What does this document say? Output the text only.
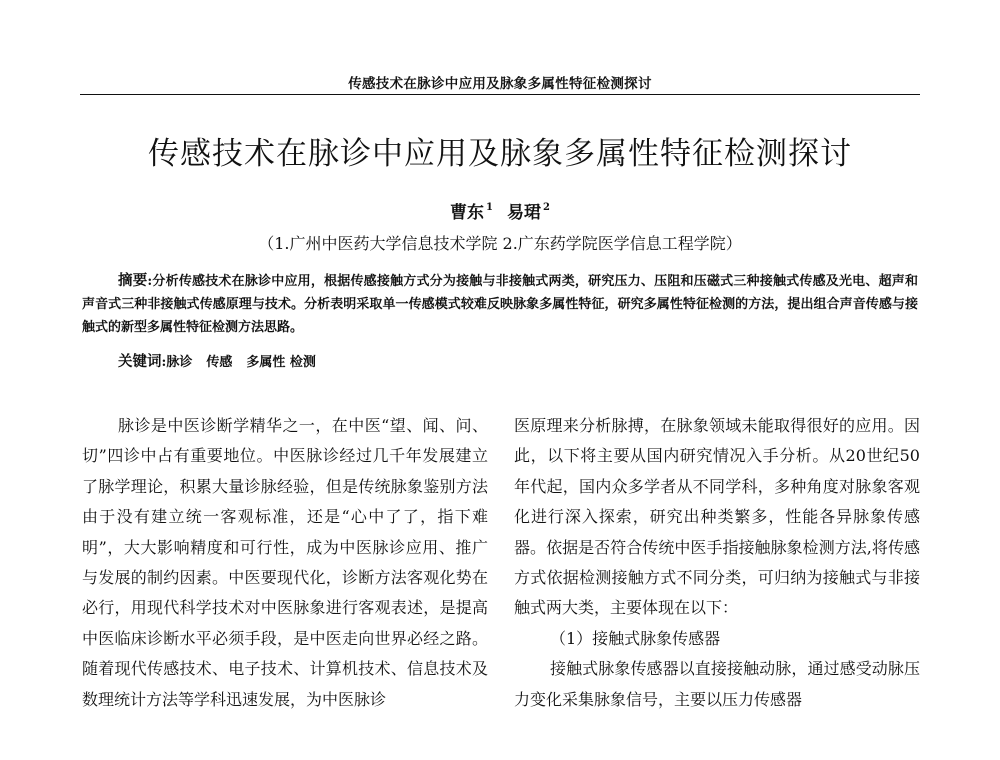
传感技术在脉诊中应用及脉象多属性特征检测探讨
传感技术在脉诊中应用及脉象多属性特征检测探讨
曹东 $^1$ 易珺 $^2$
（1.广州中医药大学信息技术学院 2.广东药学院医学信息工程学院）

摘要:分析传感技术在脉诊中应用，根据传感接触方式分为接触与非接触式两类，研究压力、压阻和压磁式三种接触式传感及光电、超声和声音式三种非接触式传感原理与技术。分析表明采取单一传感模式较难反映脉象多属性特征，研究多属性特征检测的方法，提出组合声音传感与接触式的新型多属性特征检测方法思路。

关键词:脉诊 传感 多属性 检测

脉诊是中医诊断学精华之一，在中医“望、闻、问、切”四诊中占有重要地位。中医脉诊经过几千年发展建立了脉学理论，积累大量诊脉经验，但是传统脉象鉴别方法由于没有建立统一客观标准，还是“心中了了，指下难明”，大大影响精度和可行性，成为中医脉诊应用、推广与发展的制约因素。中医要现代化，诊断方法客观化势在必行，用现代科学技术对中医脉象进行客观表述，是提高中医临床诊断水平必须手段，是中医走向世界必经之路。随着现代传感技术、电子技术、计算机技术、信息技术及数理统计方法等学科迅速发展，为中医脉诊

医原理来分析脉搏，在脉象领域未能取得很好的应用。因此，以下将主要从国内研究情况入手分析。从20世纪50年代起，国内众多学者从不同学科，多种角度对脉象客观化进行深入探索，研究出种类繁多，性能各异脉象传感器。依据是否符合传统中医手指接触脉象检测方法,将传感方式依据检测接触方式不同分类，可归纳为接触式与非接触式两大类，主要体现在以下：

（1）接触式脉象传感器

接触式脉象传感器以直接接触动脉，通过感受动脉压力变化采集脉象信号，主要以压力传感器
